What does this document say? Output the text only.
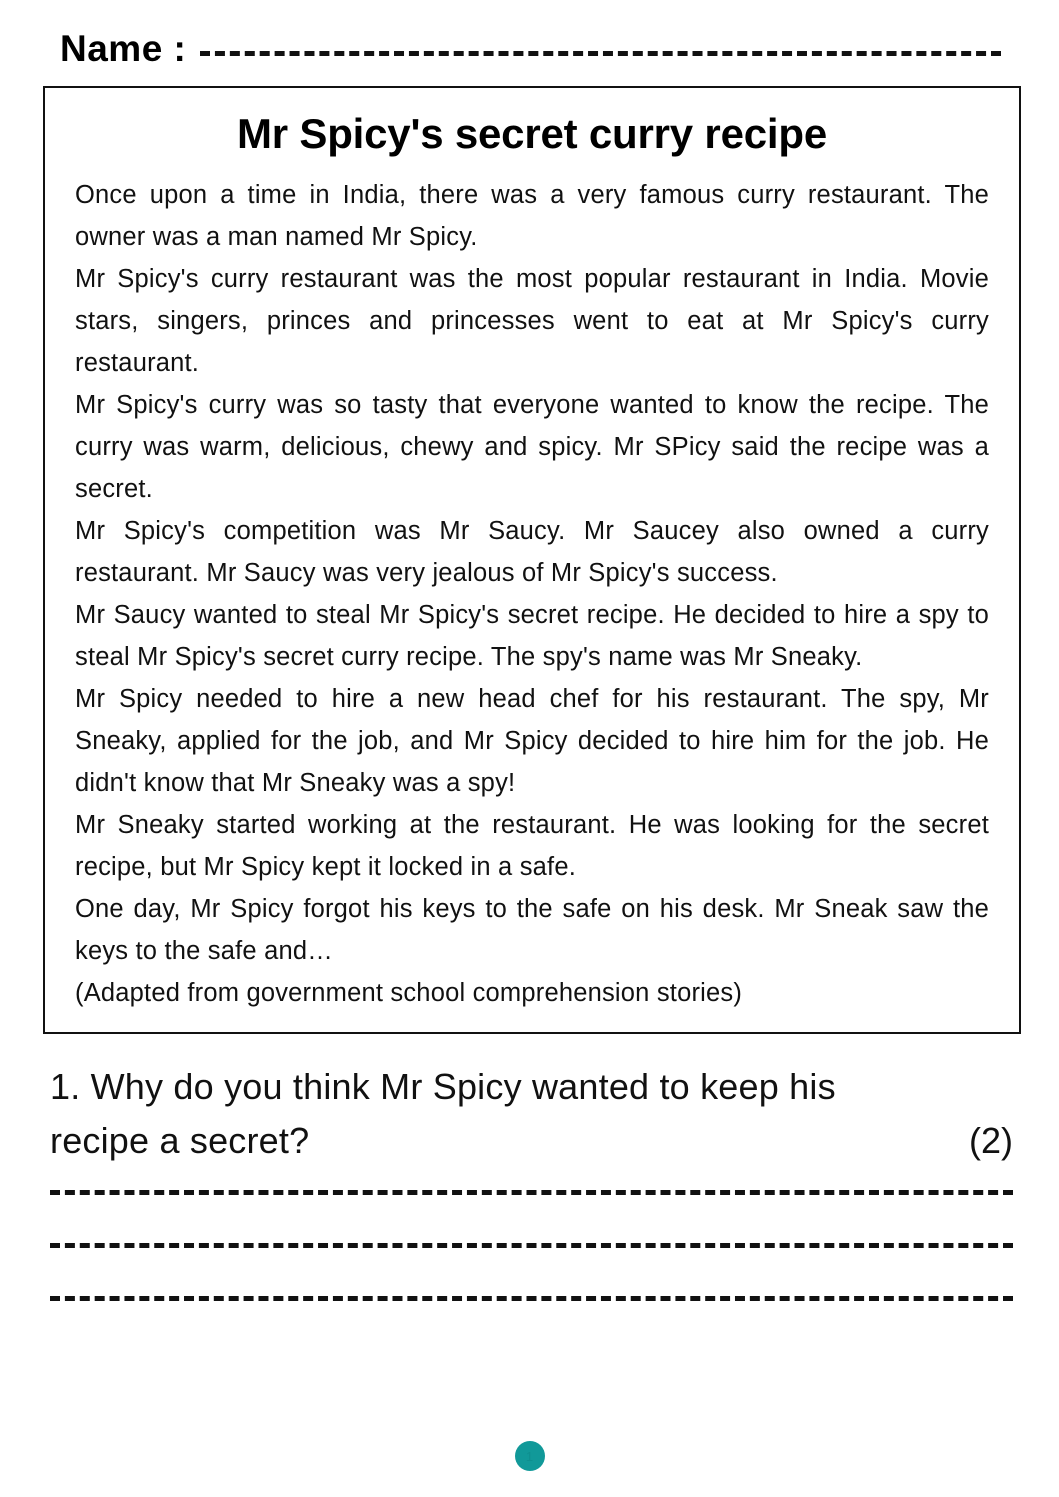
Name :
Mr Spicy's secret curry recipe

Once upon a time in India, there was a very famous curry restaurant. The owner was a man named Mr Spicy.

Mr Spicy's curry restaurant was the most popular restaurant in India. Movie stars, singers, princes and princesses went to eat at Mr Spicy's curry restaurant.

Mr Spicy's curry was so tasty that everyone wanted to know the recipe. The curry was warm, delicious, chewy and spicy. Mr SPicy said the recipe was a secret.

Mr Spicy's competition was Mr Saucy. Mr Saucey also owned a curry restaurant. Mr Saucy was very jealous of Mr Spicy's success.

Mr Saucy wanted to steal Mr Spicy's secret recipe. He decided to hire a spy to steal Mr Spicy's secret curry recipe. The spy's name was Mr Sneaky.

Mr Spicy needed to hire a new head chef for his restaurant. The spy, Mr Sneaky, applied for the job, and Mr Spicy decided to hire him for the job. He didn't know that Mr Sneaky was a spy!

Mr Sneaky started working at the restaurant. He was looking for the secret recipe, but Mr Spicy kept it locked in a safe.

One day, Mr Spicy forgot his keys to the safe on his desk. Mr Sneak saw the keys to the safe and…

(Adapted from government school comprehension stories)

1. Why do you think Mr Spicy wanted to keep his
recipe a secret?	(2)
1
